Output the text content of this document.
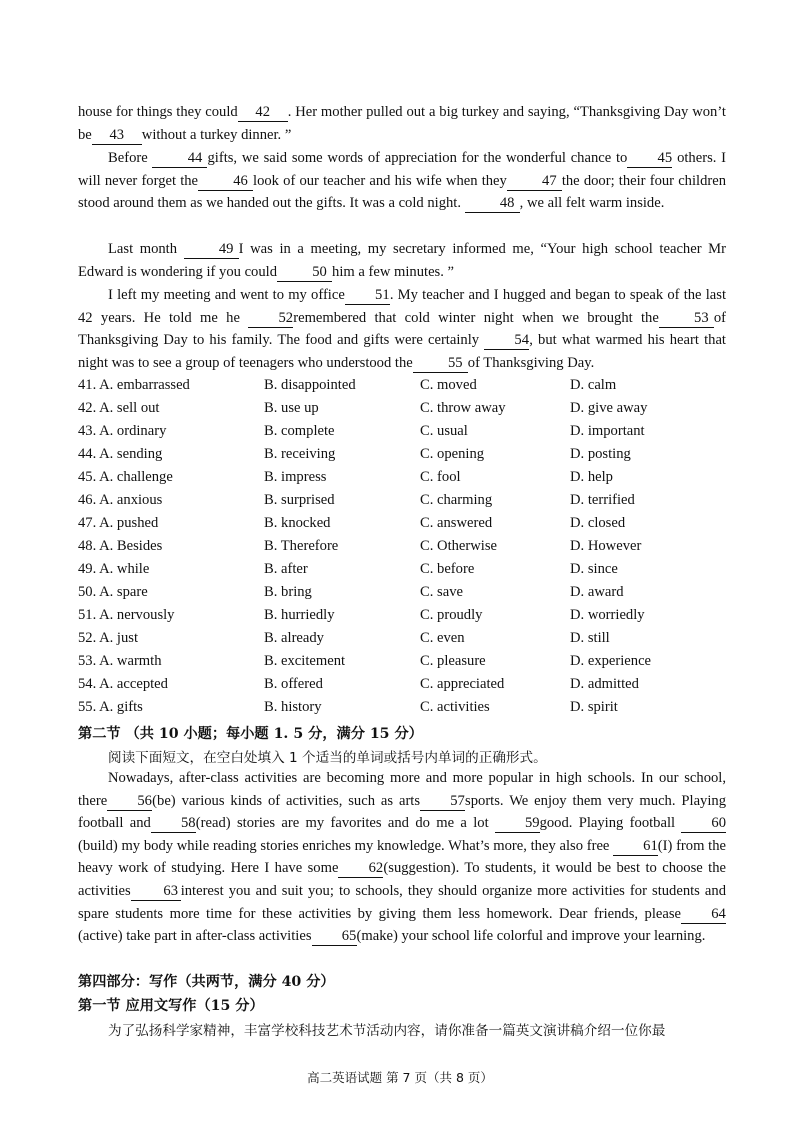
house for things they could 42 . Her mother pulled out a big turkey and saying, “Thanksgiving Day won’t be 43 without a turkey dinner. ”

Before	44 gifts, we said some words of appreciation for the wonderful chance to 45 others. I will never forget the 46 look of our teacher and his wife when they 47 the door; their four children stood around them as we handed out the gifts. It was a cold night.	48 , we all felt warm inside.

Last month	49 I was in a meeting, my secretary informed me, “Your high school teacher Mr Edward is wondering if you could 50 him a few minutes. ”

I left my meeting and went to my office 51. My teacher and I hugged and began to speak of the last 42 years. He told me he	52remembered that cold winter night when we brought the 53 of Thanksgiving Day to his family. The food and gifts were certainly 54, but what warmed his heart that night was to see a group of teenagers who understood the 55 of Thanksgiving Day.

41. A. embarrassed	B. disappointed	C. moved	D. calm
42. A. sell out	B. use up	C. throw away	D. give away
43. A. ordinary	B. complete	C. usual	D. important
44. A. sending	B. receiving	C. opening	D. posting
45. A. challenge	B. impress	C. fool	D. help
46. A. anxious	B. surprised	C. charming	D. terrified
47. A. pushed	B. knocked	C. answered	D. closed
48. A. Besides	B. Therefore	C. Otherwise	D. However
49. A. while	B. after	C. before	D. since
50. A. spare	B. bring	C. save	D. award
51. A. nervously	B. hurriedly	C. proudly	D. worriedly
52. A. just	B. already	C. even	D. still
53. A. warmth	B. excitement	C. pleasure	D. experience
54. A. accepted	B. offered	C. appreciated	D. admitted
55. A. gifts	B. history	C. activities	D. spirit
第二节 （共 10 小题；每小题 1. 5 分，满分 15 分）
阅读下面短文，在空白处填入 1 个适当的单词或括号内单词的正确形式。

Nowadays, after-class activities are becoming more and more popular in high schools. In our school, there 56(be) various kinds of activities, such as arts 57sports. We enjoy them very much. Playing football and 58(read) stories are my favorites and do me a lot 59good. Playing football 60 (build) my body while reading stories enriches my knowledge. What’s more, they also free 61(I) from the heavy work of studying. Here I have some 62(suggestion). To students, it would be best to choose the activities 63 interest you and suit you; to schools, they should organize more activities for students and spare students more time for these activities by giving them less homework. Dear friends, please 64(active) take part in after-class activities 65(make) your school life colorful and improve your learning.

第四部分：写作（共两节，满分 40 分）
第一节 应用文写作（15 分）
为了弘扬科学家精神，丰富学校科技艺术节活动内容，请你准备一篇英文演讲稿介绍一位你最
高二英语试题 第 7 页（共 8 页）
